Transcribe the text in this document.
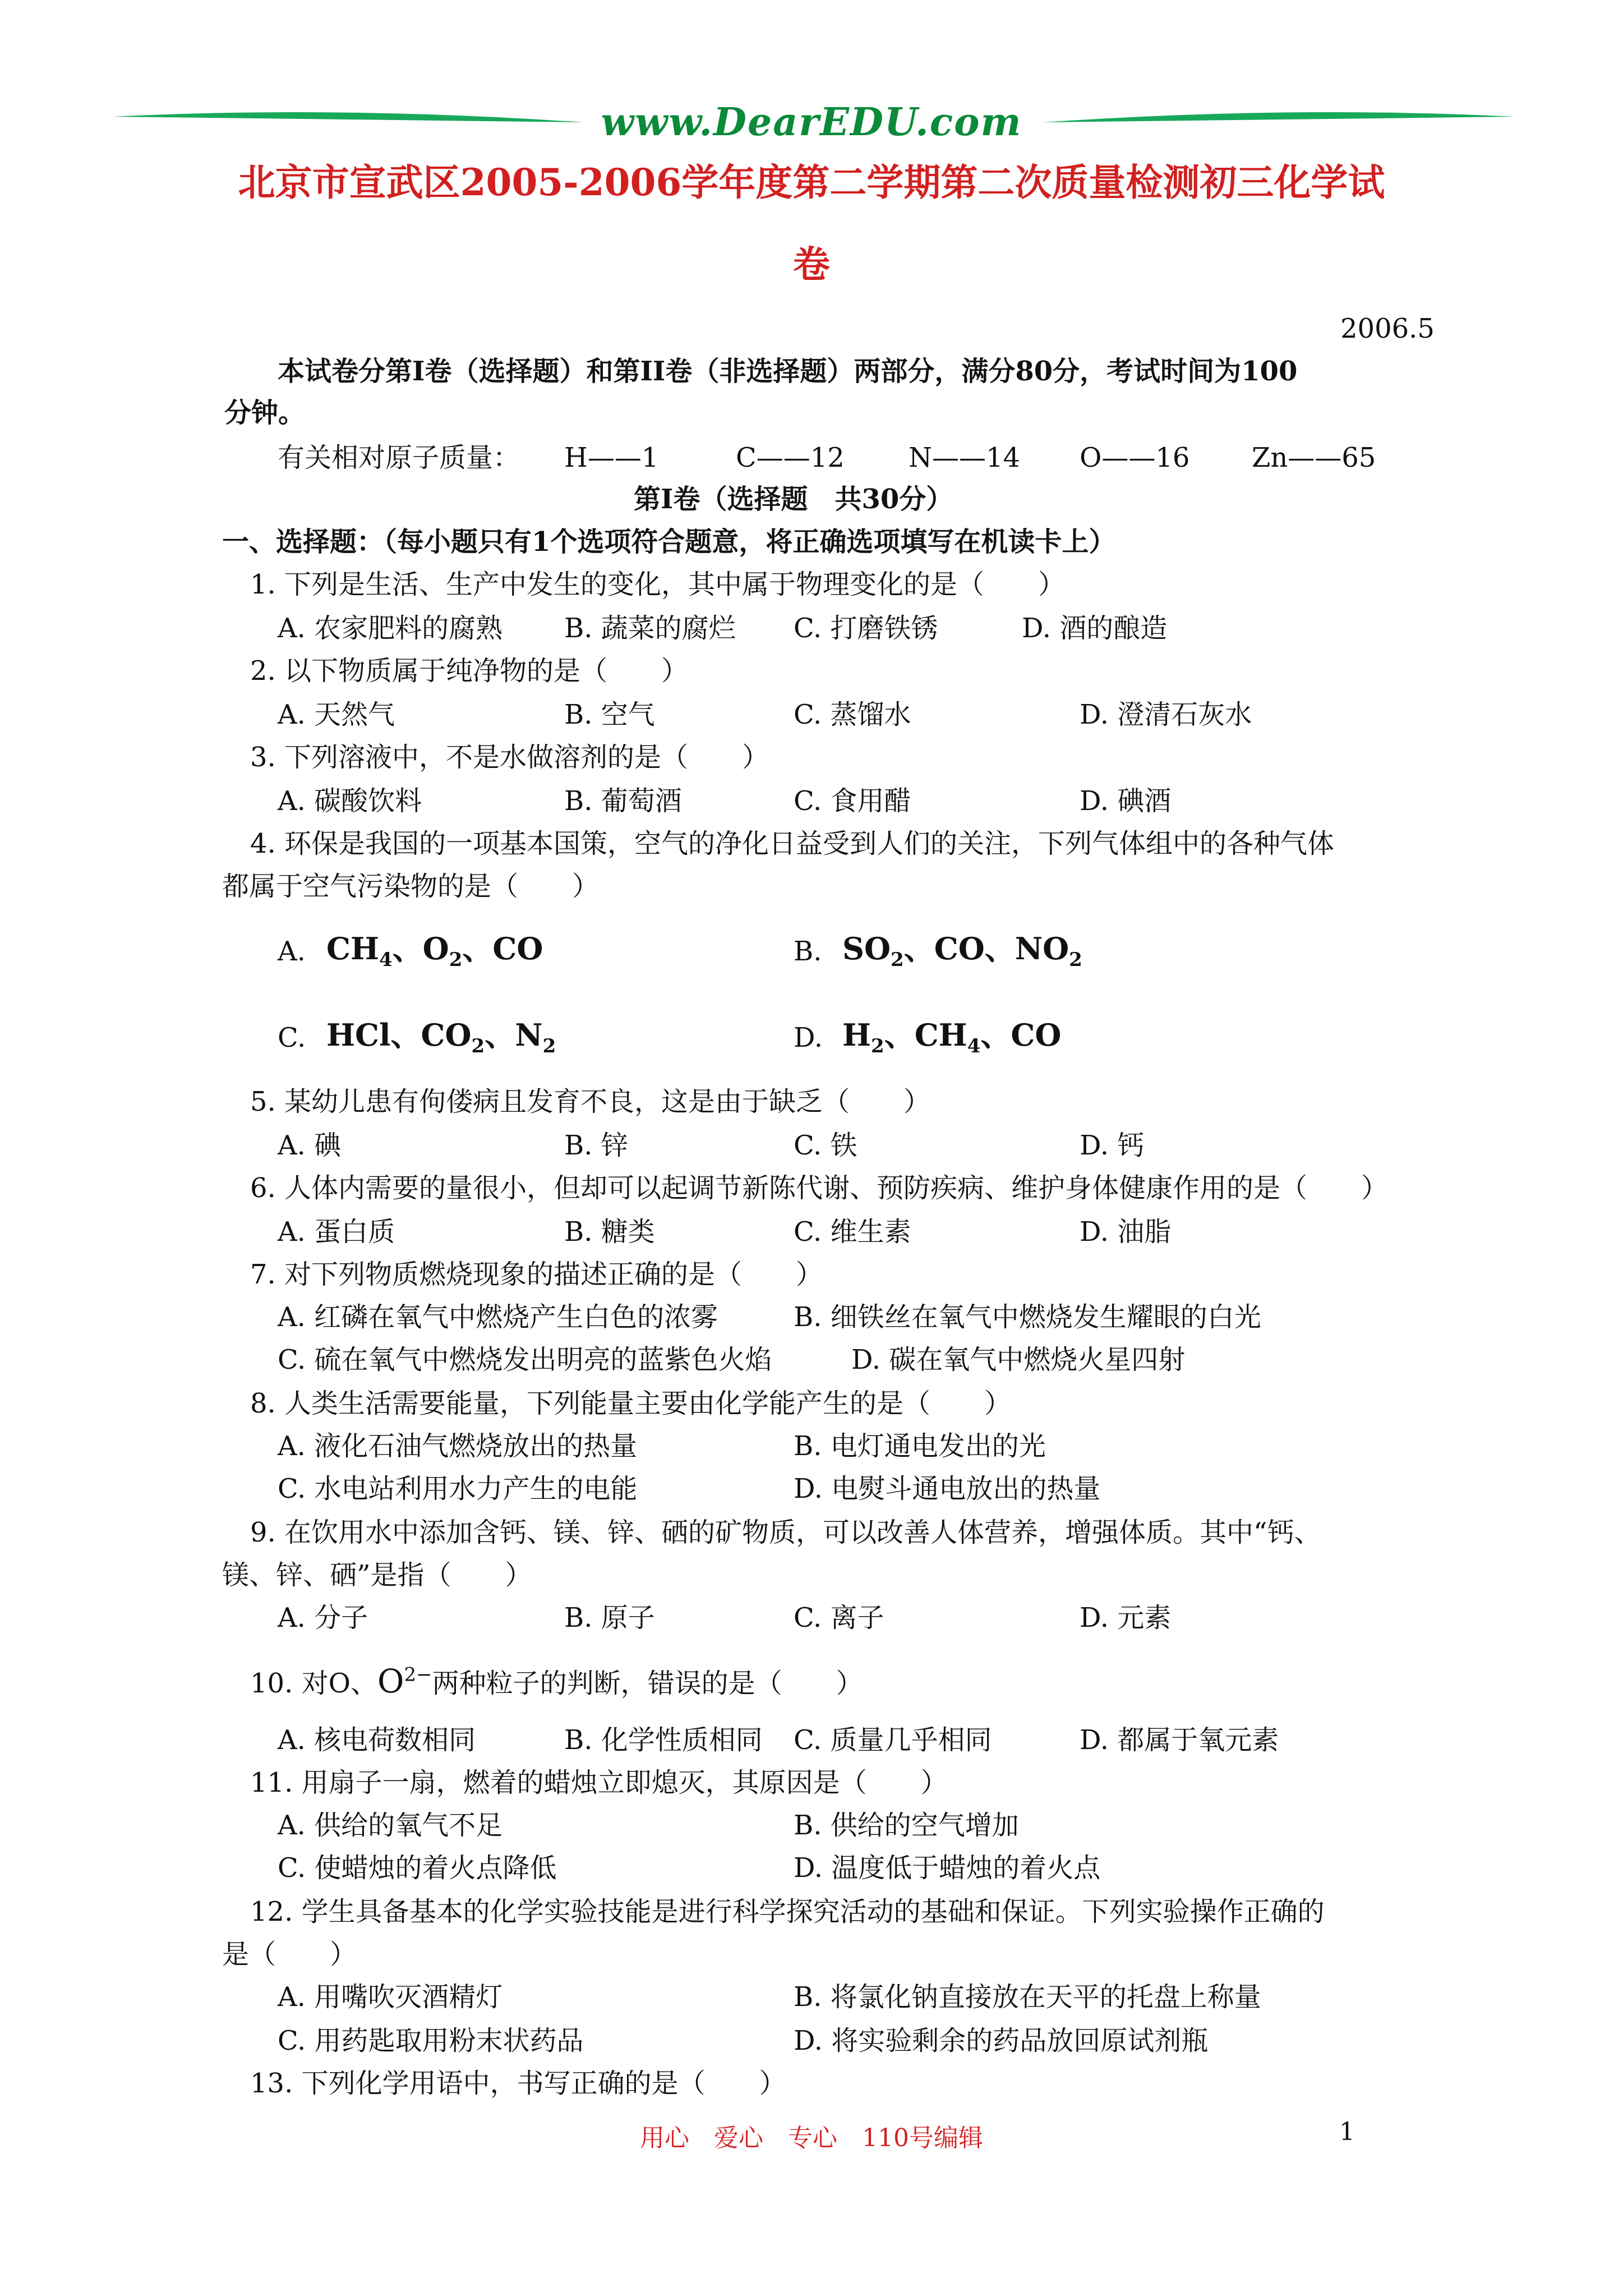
www.DearEDU.com
北京市宣武区2005-2006学年度第二学期第二次质量检测初三化学试
卷
2006.5
本试卷分第Ⅰ卷（选择题）和第II卷（非选择题）两部分，满分80分，考试时间为100
分钟。
有关相对原子质量： H——1	C——12 N——14 O——16 Zn——65
第Ⅰ卷（选择题　共30分）
一、选择题：（每小题只有1个选项符合题意，将正确选项填写在机读卡上）
1. 下列是生活、生产中发生的变化，其中属于物理变化的是（　　）
A. 农家肥料的腐熟 B. 蔬菜的腐烂 C. 打磨铁锈	D. 酒的酿造
2. 以下物质属于纯净物的是（　　）
A. 天然气	B. 空气	C. 蒸馏水	D. 澄清石灰水
3. 下列溶液中，不是水做溶剂的是（　　）
A. 碳酸饮料	B. 葡萄酒	C. 食用醋	D. 碘酒
4. 环保是我国的一项基本国策，空气的净化日益受到人们的关注，下列气体组中的各种气体
都属于空气污染物的是（　　）
A. $CH_4$、$O_2$、CO	B. $SO_2$、CO、$NO_2$
C. HCl、$CO_2$、$N_2$	D. $H_2$、$CH_4$、CO
5. 某幼儿患有佝偻病且发育不良，这是由于缺乏（　　）
A. 碘	B. 锌	C. 铁	D. 钙
6. 人体内需要的量很小，但却可以起调节新陈代谢、预防疾病、维护身体健康作用的是（　　）
A. 蛋白质	B. 糖类	C. 维生素	D. 油脂
7. 对下列物质燃烧现象的描述正确的是（　　）
A. 红磷在氧气中燃烧产生白色的浓雾	B. 细铁丝在氧气中燃烧发生耀眼的白光
C. 硫在氧气中燃烧发出明亮的蓝紫色火焰	D. 碳在氧气中燃烧火星四射
8. 人类生活需要能量，下列能量主要由化学能产生的是（　　）
A. 液化石油气燃烧放出的热量	B. 电灯通电发出的光
C. 水电站利用水力产生的电能	D. 电熨斗通电放出的热量
9. 在饮用水中添加含钙、镁、锌、硒的矿物质，可以改善人体营养，增强体质。其中“钙、
镁、锌、硒”是指（　　）
A. 分子	B. 原子	C. 离子	D. 元素
10. 对O、$O^{2-}$两种粒子的判断，错误的是（　　）
A. 核电荷数相同	B. 化学性质相同 C. 质量几乎相同	D. 都属于氧元素
11. 用扇子一扇，燃着的蜡烛立即熄灭，其原因是（　　）
A. 供给的氧气不足	B. 供给的空气增加
C. 使蜡烛的着火点降低	D. 温度低于蜡烛的着火点
12. 学生具备基本的化学实验技能是进行科学探究活动的基础和保证。下列实验操作正确的
是（　　）
A. 用嘴吹灭酒精灯	B. 将氯化钠直接放在天平的托盘上称量
C. 用药匙取用粉末状药品	D. 将实验剩余的药品放回原试剂瓶
13. 下列化学用语中，书写正确的是（　　）
用心　爱心　专心　110号编辑	1
